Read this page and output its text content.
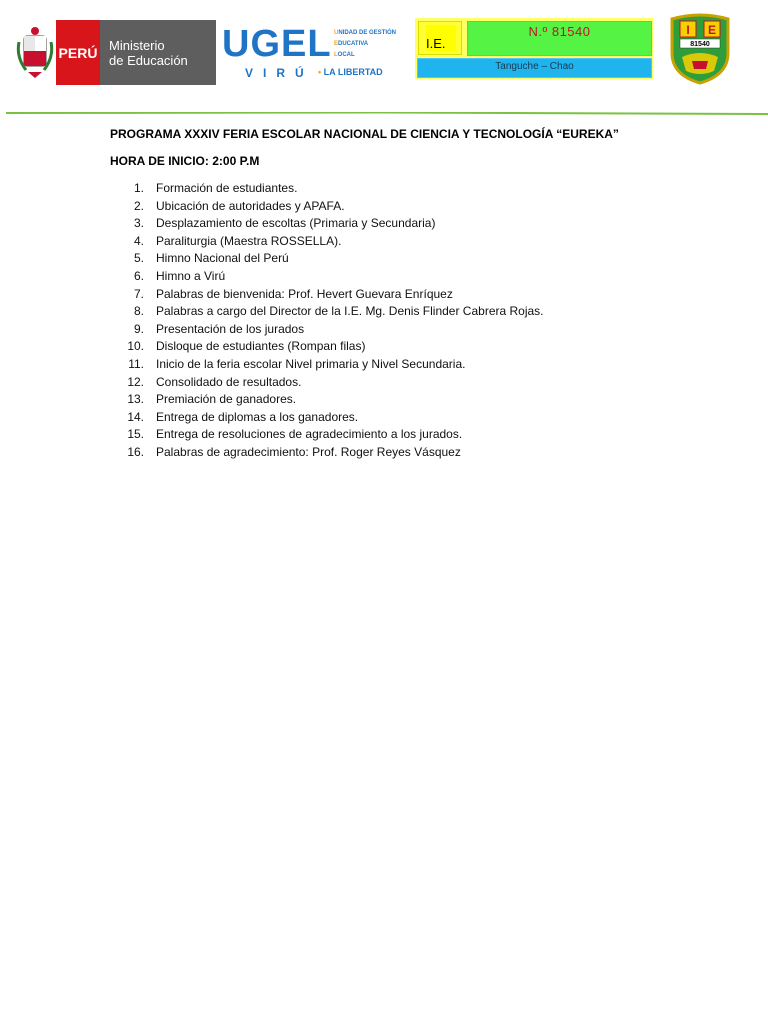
PERÚ Ministerio
de Educación UGEL UNIDAD DE GESTIÓN
EDUCATIVA
LOCAL
VIRÚ • LA LIBERTAD
I.E.
N.º 81540
Tanguche – Chao
I E
81540
PROGRAMA XXXIV FERIA ESCOLAR NACIONAL DE CIENCIA Y TECNOLOGÍA “EUREKA”
HORA DE INICIO: 2:00 P.M
1. Formación de estudiantes.
2. Ubicación de autoridades y APAFA.
3. Desplazamiento de escoltas (Primaria y Secundaria)
4. Paraliturgia (Maestra ROSSELLA).
5. Himno Nacional del Perú
6. Himno a Virú
7. Palabras de bienvenida: Prof. Hevert Guevara Enríquez
8. Palabras a cargo del Director de la I.E. Mg. Denis Flinder Cabrera Rojas.
9. Presentación de los jurados
10. Disloque de estudiantes (Rompan filas)
11. Inicio de la feria escolar Nivel primaria y Nivel Secundaria.
12. Consolidado de resultados.
13. Premiación de ganadores.
14. Entrega de diplomas a los ganadores.
15. Entrega de resoluciones de agradecimiento a los jurados.
16. Palabras de agradecimiento: Prof. Roger Reyes Vásquez
